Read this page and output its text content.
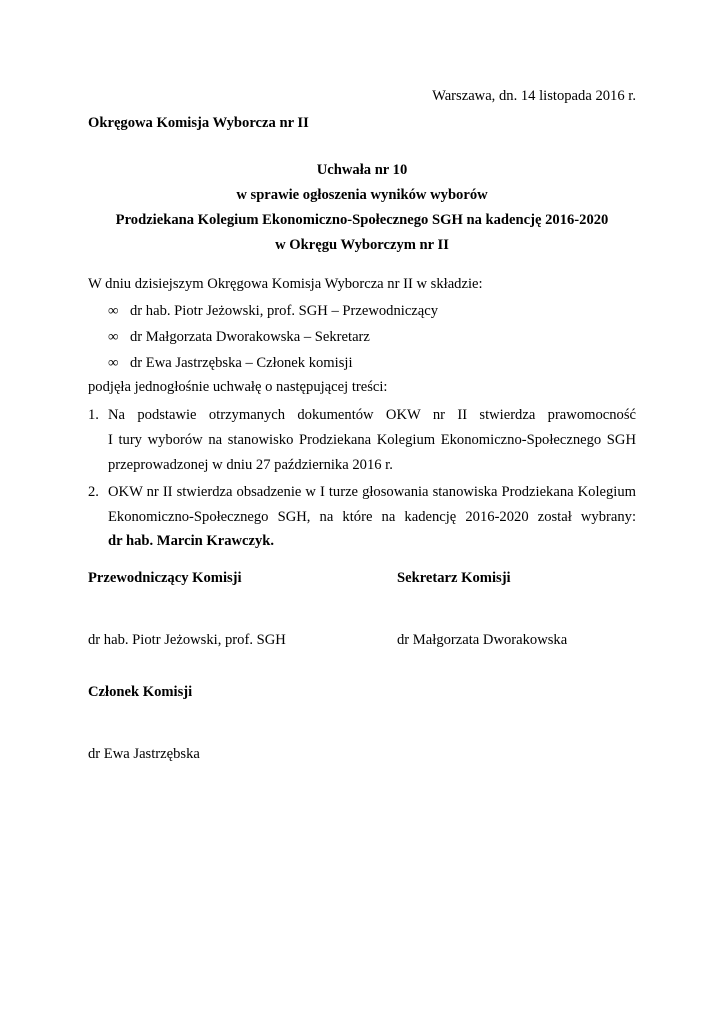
Warszawa, dn. 14 listopada 2016 r.
Okręgowa Komisja Wyborcza nr II
Uchwała nr 10
w sprawie ogłoszenia wyników wyborów
Prodziekana Kolegium Ekonomiczno-Społecznego SGH na kadencję 2016-2020
w Okręgu Wyborczym nr II
W dniu dzisiejszym Okręgowa Komisja Wyborcza nr II w składzie:
∞ dr hab. Piotr Jeżowski, prof. SGH – Przewodniczący
∞ dr Małgorzata Dworakowska – Sekretarz
∞ dr Ewa Jastrzębska – Członek komisji
podjęła jednogłośnie uchwałę o następującej treści:
1. Na podstawie otrzymanych dokumentów OKW nr II stwierdza prawomocność
I tury wyborów na stanowisko Prodziekana Kolegium Ekonomiczno-Społecznego SGH
przeprowadzonej w dniu 27 października 2016 r.
2. OKW nr II stwierdza obsadzenie w I turze głosowania stanowiska Prodziekana Kolegium
Ekonomiczno-Społecznego SGH, na które na kadencję 2016-2020 został wybrany:
dr hab. Marcin Krawczyk.
Przewodniczący Komisji	Sekretarz Komisji
dr hab. Piotr Jeżowski, prof. SGH	dr Małgorzata Dworakowska
Członek Komisji
dr Ewa Jastrzębska
